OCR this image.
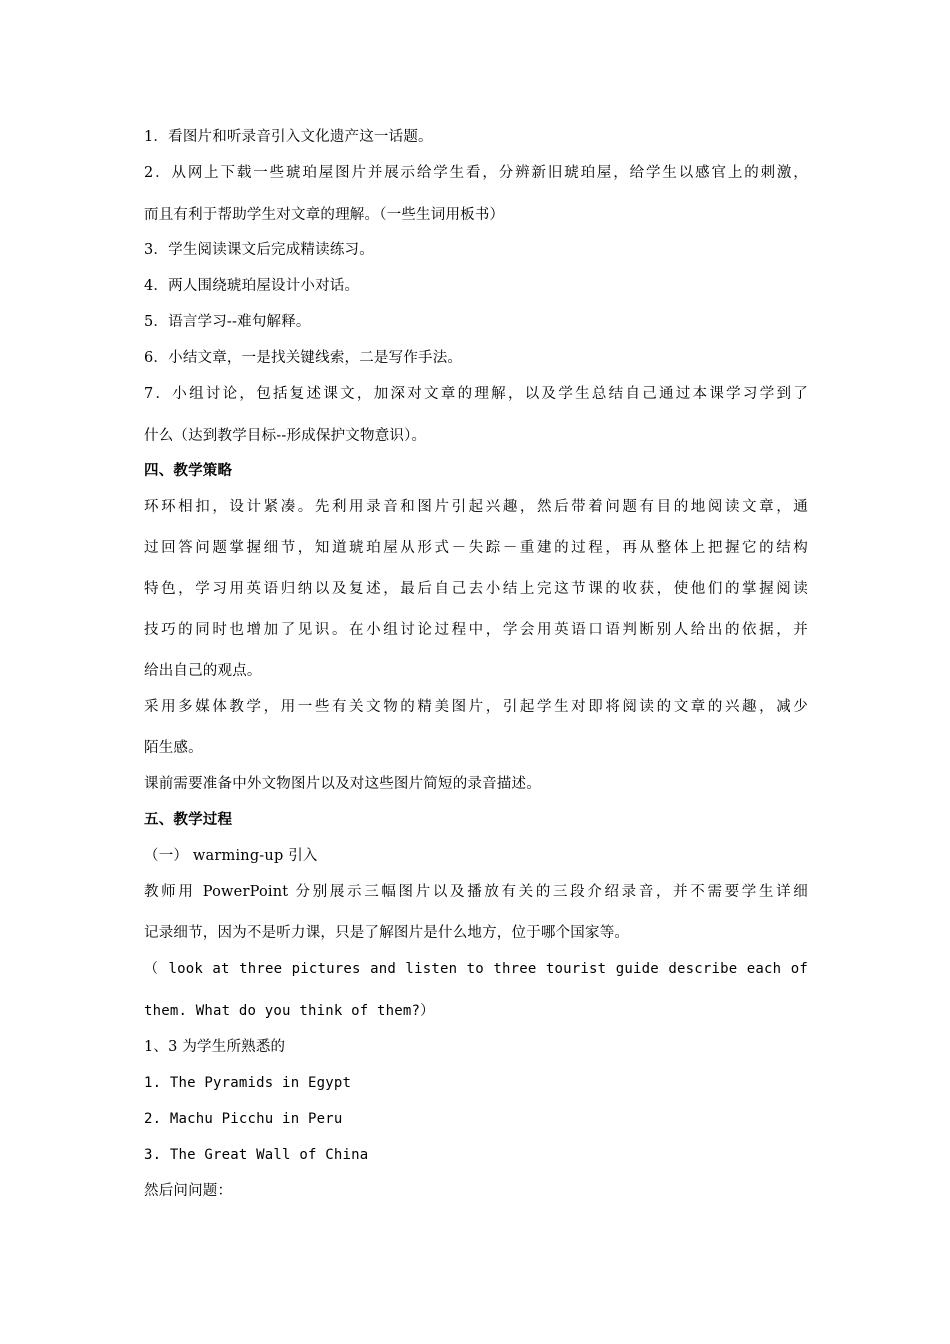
1．看图片和听录音引入文化遗产这一话题。

2．从网上下载一些琥珀屋图片并展示给学生看，分辨新旧琥珀屋，给学生以感官上的刺激，

而且有利于帮助学生对文章的理解。（一些生词用板书）

3．学生阅读课文后完成精读练习。

4．两人围绕琥珀屋设计小对话。

5．语言学习--难句解释。

6．小结文章，一是找关键线索，二是写作手法。

7．小组讨论，包括复述课文，加深对文章的理解，以及学生总结自己通过本课学习学到了

什么（达到教学目标--形成保护文物意识）。

四、教学策略

环环相扣，设计紧凑。先利用录音和图片引起兴趣，然后带着问题有目的地阅读文章，通

过回答问题掌握细节，知道琥珀屋从形式－失踪－重建的过程，再从整体上把握它的结构

特色，学习用英语归纳以及复述，最后自己去小结上完这节课的收获，使他们的掌握阅读

技巧的同时也增加了见识。在小组讨论过程中，学会用英语口语判断别人给出的依据，并

给出自己的观点。

采用多媒体教学，用一些有关文物的精美图片，引起学生对即将阅读的文章的兴趣，减少

陌生感。

课前需要准备中外文物图片以及对这些图片简短的录音描述。

五、教学过程

（一） warming-up 引入

教师用 PowerPoint 分别展示三幅图片以及播放有关的三段介绍录音，并不需要学生详细

记录细节，因为不是听力课，只是了解图片是什么地方，位于哪个国家等。

（ look at three pictures and listen to three tourist guide describe each of

them. What do you think of them?）

1、3 为学生所熟悉的

1. The Pyramids in Egypt

2. Machu Picchu in Peru

3. The Great Wall of China

然后问问题：
